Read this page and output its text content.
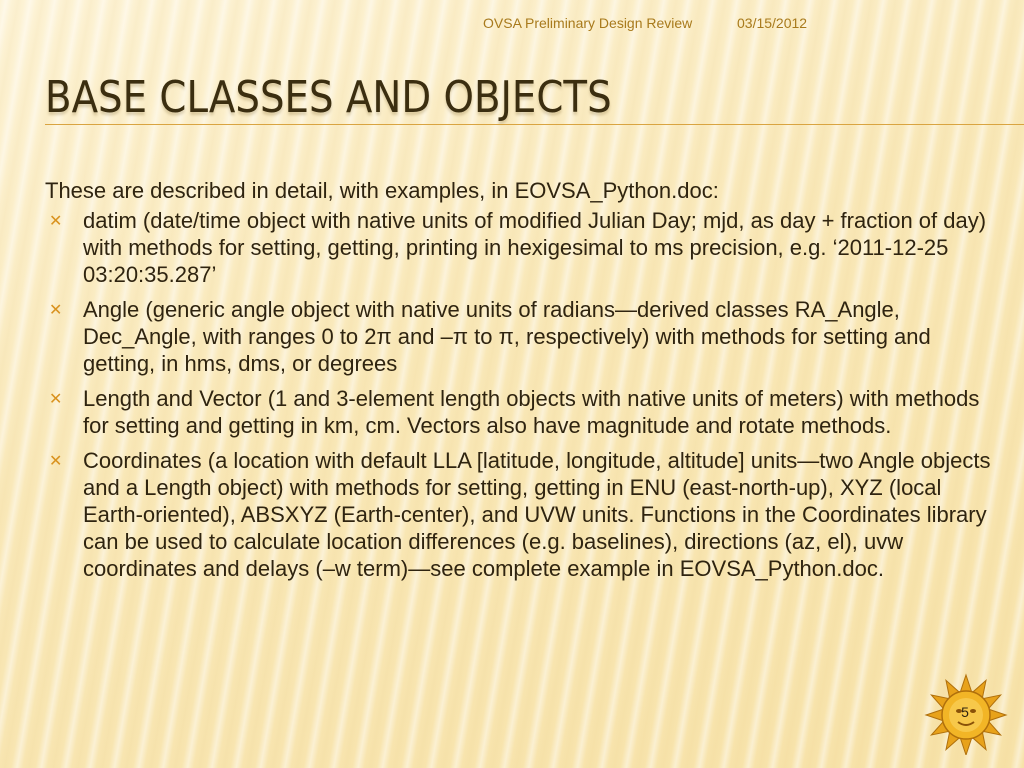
OVSA Preliminary Design Review	03/15/2012
BASE CLASSES AND OBJECTS

These are described in detail, with examples, in EOVSA_Python.doc:

✕ datim (date/time object with native units of modified Julian Day; mjd, as day + fraction of day) with methods for setting, getting, printing in hexigesimal to ms precision, e.g. ‘2011-12-25 03:20:35.287’
✕ Angle (generic angle object with native units of radians—derived classes RA_Angle, Dec_Angle, with ranges 0 to 2π and –π to π, respectively) with methods for setting and getting, in hms, dms, or degrees
✕ Length and Vector (1 and 3-element length objects with native units of meters) with methods for setting and getting in km, cm. Vectors also have magnitude and rotate methods.
✕ Coordinates (a location with default LLA [latitude, longitude, altitude] units—two Angle objects and a Length object) with methods for setting, getting in ENU (east-north-up), XYZ (local Earth-oriented), ABSXYZ (Earth-center), and UVW units. Functions in the Coordinates library can be used to calculate location differences (e.g. baselines), directions (az, el), uvw coordinates and delays (–w term)—see complete example in EOVSA_Python.doc.
5
